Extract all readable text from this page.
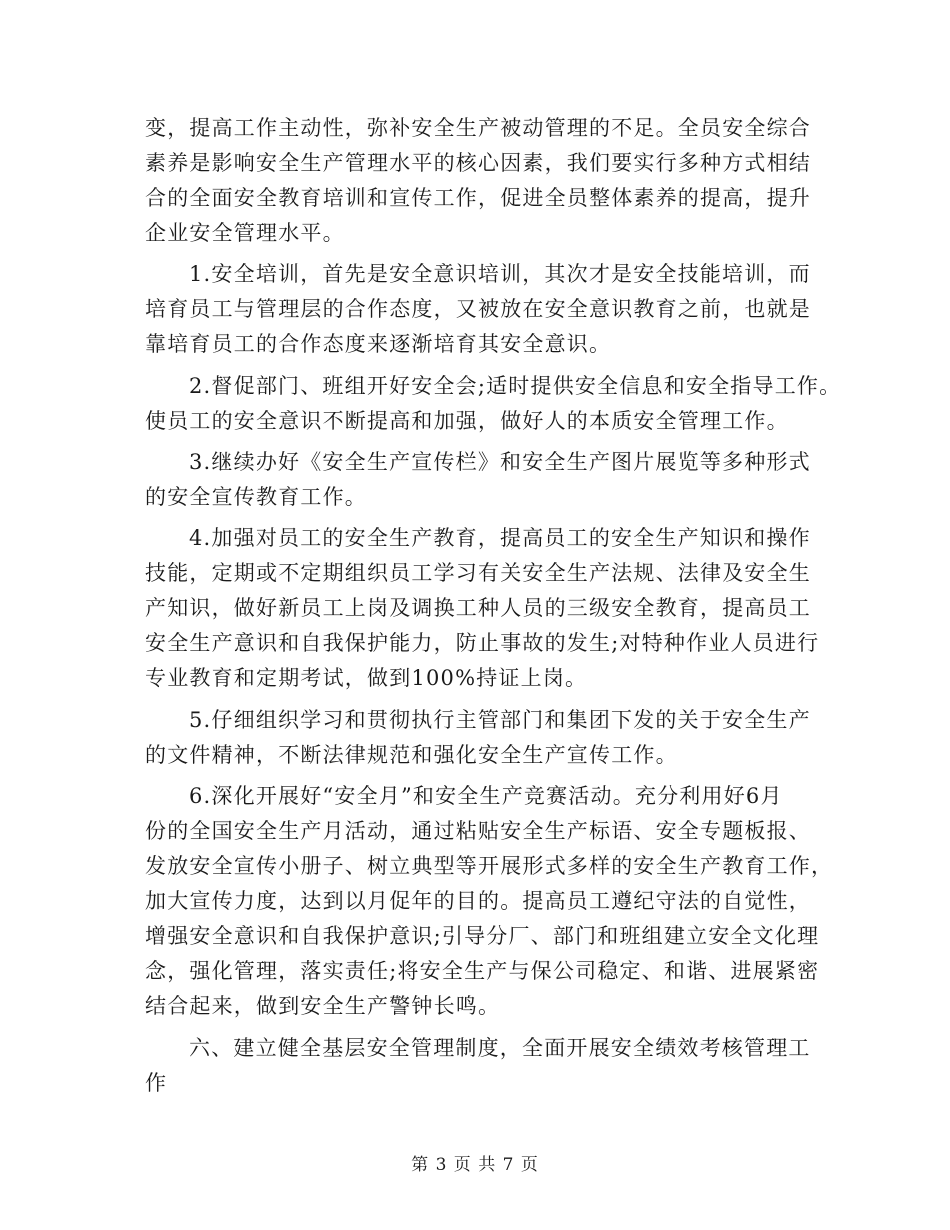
变，提高工作主动性，弥补安全生产被动管理的不足。全员安全综合
素养是影响安全生产管理水平的核心因素，我们要实行多种方式相结
合的全面安全教育培训和宣传工作，促进全员整体素养的提高，提升
企业安全管理水平。
1.安全培训，首先是安全意识培训，其次才是安全技能培训，而
培育员工与管理层的合作态度，又被放在安全意识教育之前，也就是
靠培育员工的合作态度来逐渐培育其安全意识。
2.督促部门、班组开好安全会;适时提供安全信息和安全指导工作。
使员工的安全意识不断提高和加强，做好人的本质安全管理工作。
3.继续办好《安全生产宣传栏》和安全生产图片展览等多种形式
的安全宣传教育工作。
4.加强对员工的安全生产教育，提高员工的安全生产知识和操作
技能，定期或不定期组织员工学习有关安全生产法规、法律及安全生
产知识，做好新员工上岗及调换工种人员的三级安全教育，提高员工
安全生产意识和自我保护能力，防止事故的发生;对特种作业人员进行
专业教育和定期考试，做到100%持证上岗。
5.仔细组织学习和贯彻执行主管部门和集团下发的关于安全生产
的文件精神，不断法律规范和强化安全生产宣传工作。
6.深化开展好“安全月”和安全生产竞赛活动。充分利用好6月
份的全国安全生产月活动，通过粘贴安全生产标语、安全专题板报、
发放安全宣传小册子、树立典型等开展形式多样的安全生产教育工作，
加大宣传力度，达到以月促年的目的。提高员工遵纪守法的自觉性，
增强安全意识和自我保护意识;引导分厂、部门和班组建立安全文化理
念，强化管理，落实责任;将安全生产与保公司稳定、和谐、进展紧密
结合起来，做到安全生产警钟长鸣。
六、建立健全基层安全管理制度，全面开展安全绩效考核管理工
作
第 3 页 共 7 页
